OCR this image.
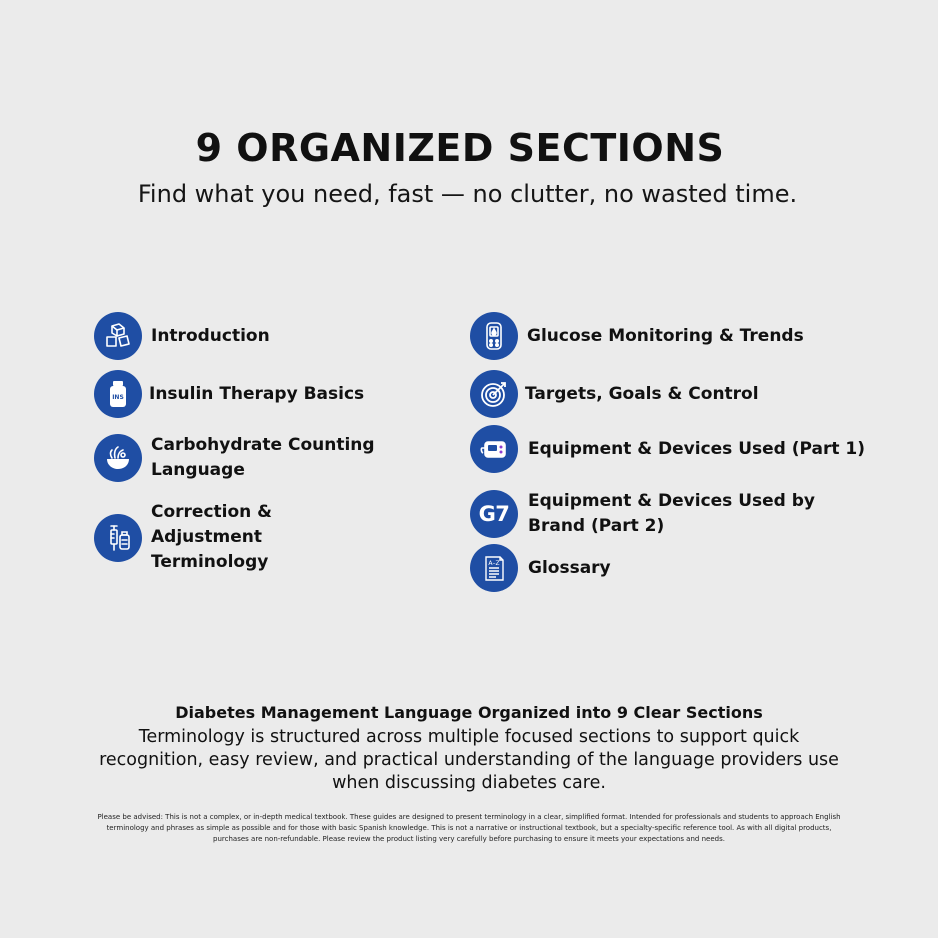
9 ORGANIZED SECTIONS

Find what you need, fast — no clutter, no wasted time.

Introduction
INS Insulin Therapy Basics
Carbohydrate Counting Language
Correction & Adjustment Terminology
Glucose Monitoring & Trends
Targets, Goals & Control
Equipment & Devices Used (Part 1)
G7
Equipment & Devices Used by Brand (Part 2)
A–Z Glossary

Diabetes Management Language Organized into 9 Clear Sections

Terminology is structured across multiple focused sections to support quick recognition, easy review, and practical understanding of the language providers use when discussing diabetes care.

Please be advised: This is not a complex, or in-depth medical textbook. These guides are designed to present terminology in a clear, simplified format. Intended for professionals and students to approach English terminology and phrases as simple as possible and for those with basic Spanish knowledge. This is not a narrative or instructional textbook, but a specialty-specific reference tool. As with all digital products, purchases are non-refundable. Please review the product listing very carefully before purchasing to ensure it meets your expectations and needs.
